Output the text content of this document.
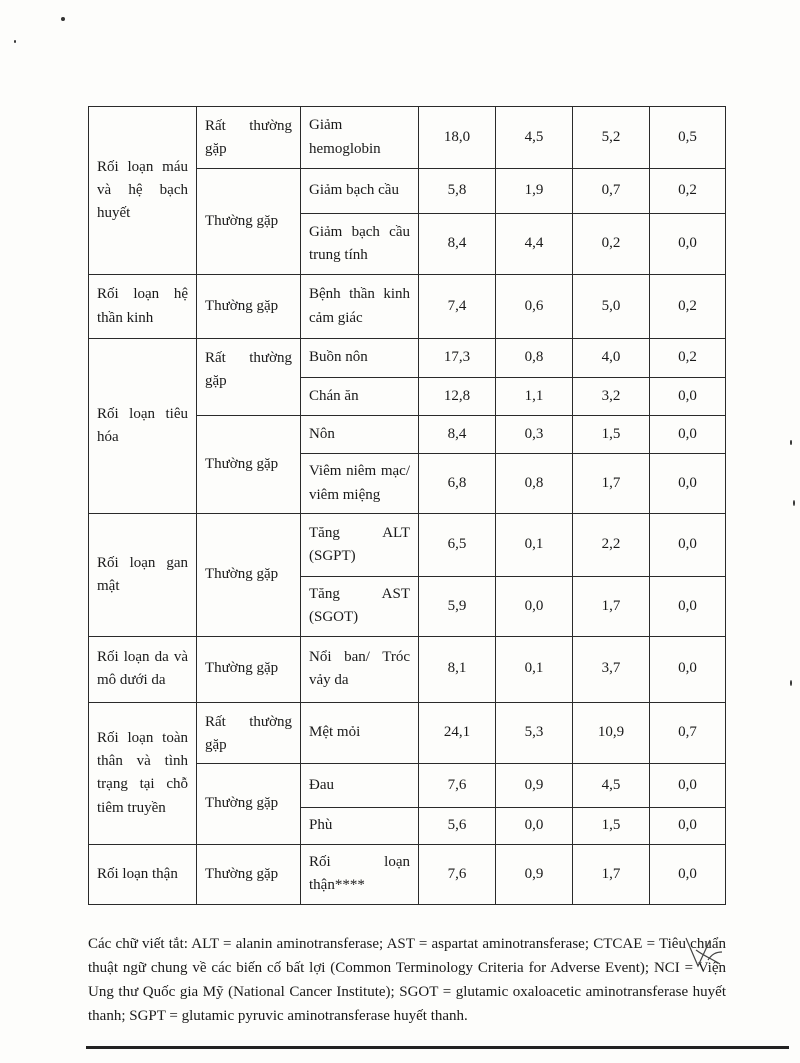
Rối loạn máu và hệ bạch huyết	Rất thường gặp	Giảm hemoglobin	18,0	4,5	5,2	0,5
	Thường gặp	Giảm bạch cầu	5,8	1,9	0,7	0,2
		Giảm bạch cầu trung tính	8,4	4,4	0,2	0,0
Rối loạn hệ thần kinh	Thường gặp	Bệnh thần kinh cảm giác	7,4	0,6	5,0	0,2
Rối loạn tiêu hóa	Rất thường gặp	Buồn nôn	17,3	0,8	4,0	0,2
		Chán ăn	12,8	1,1	3,2	0,0
	Thường gặp	Nôn	8,4	0,3	1,5	0,0
		Viêm niêm mạc/ viêm miệng	6,8	0,8	1,7	0,0
Rối loạn gan mật	Thường gặp	Tăng ALT (SGPT)	6,5	0,1	2,2	0,0
		Tăng AST (SGOT)	5,9	0,0	1,7	0,0
Rối loạn da và mô dưới da	Thường gặp	Nổi ban/ Tróc vảy da	8,1	0,1	3,7	0,0
Rối loạn toàn thân và tình trạng tại chỗ tiêm truyền	Rất thường gặp	Mệt mỏi	24,1	5,3	10,9	0,7
	Thường gặp	Đau	7,6	0,9	4,5	0,0
		Phù	5,6	0,0	1,5	0,0
Rối loạn thận	Thường gặp	Rối loạn thận****	7,6	0,9	1,7	0,0

Các chữ viết tắt: ALT = alanin aminotransferase; AST = aspartat aminotransferase; CTCAE = Tiêu chuẩn thuật ngữ chung về các biến cố bất lợi (Common Terminology Criteria for Adverse Event); NCI = Viện Ung thư Quốc gia Mỹ (National Cancer Institute); SGOT = glutamic oxaloacetic aminotransferase huyết thanh; SGPT = glutamic pyruvic aminotransferase huyết thanh.
